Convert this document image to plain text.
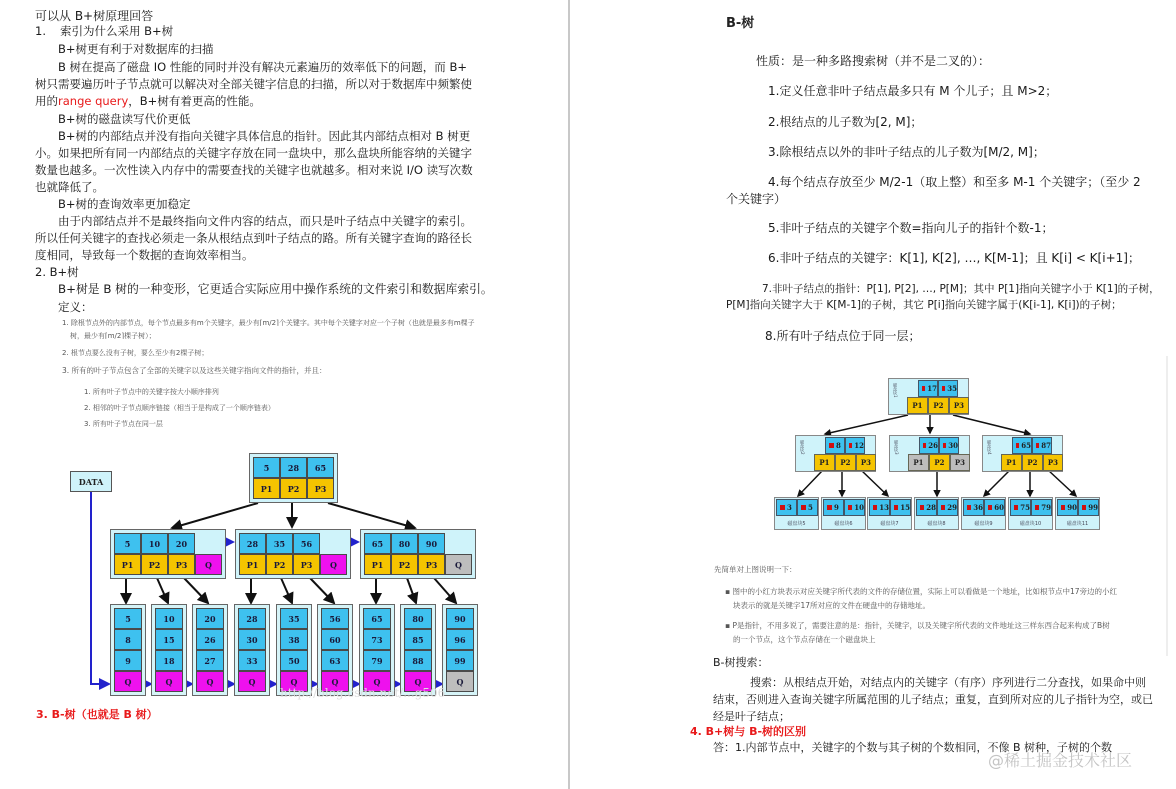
可以从 B+树原理回答
1. 索引为什么采用 B+树
B+树更有利于对数据库的扫描
B 树在提高了磁盘 IO 性能的同时并没有解决元素遍历的效率低下的问题，而 B+
树只需要遍历叶子节点就可以解决对全部关键字信息的扫描，所以对于数据库中频繁使
用的range query，B+树有着更高的性能。
B+树的磁盘读写代价更低
B+树的内部结点并没有指向关键字具体信息的指针。因此其内部结点相对 B 树更
小。如果把所有同一内部结点的关键字存放在同一盘块中，那么盘块所能容纳的关键字
数量也越多。一次性读入内存中的需要查找的关键字也就越多。相对来说 I/O 读写次数
也就降低了。
B+树的查询效率更加稳定
由于内部结点并不是最终指向文件内容的结点，而只是叶子结点中关键字的索引。
所以任何关键字的查找必须走一条从根结点到叶子结点的路。所有关键字查询的路径长
度相同，导致每一个数据的查询效率相当。
2. B+树
B+树是 B 树的一种变形，它更适合实际应用中操作系统的文件索引和数据库索引。
定义：
1. 除根节点外的内部节点，每个节点最多有m个关键字，最少有⌈m/2⌉个关键字。其中每个关键字对应一个子树（也就是最多有m棵子
树，最少有⌈m/2⌉棵子树）；
2. 根节点要么没有子树，要么至少有2棵子树；
3. 所有的叶子节点包含了全部的关键字以及这些关键字指向文件的指针，并且：
1. 所有叶子节点中的关键字按大小顺序排列
2. 相邻的叶子节点顺序链接（相当于是构成了一个顺序链表）
3. 所有叶子节点在同一层
DATA
5	28	65
P1	P2	P3
5	10	20
P1	P2	P3	Q
28	35	56
P1	P2	P3	Q
65	80	90
P1	P2	P3	Q
5
8
9
Q
10
15
18
Q
20
26
27
Q
28
30
33
Q
35
38
50
Q
56
60
63
Q
65
73
79
Q
80
85
88
Q
90
96
99
Q
http://blog.csdn.net/...g506
3. B-树（也就是 B 树）
B-树
性质：是一种多路搜索树（并不是二叉的）：
1.定义任意非叶子结点最多只有 M 个儿子；且 M>2；
2.根结点的儿子数为[2, M]；
3.除根结点以外的非叶子结点的儿子数为[M/2, M]；
4.每个结点存放至少 M/2-1（取上整）和至多 M-1 个关键字；（至少 2
个关键字）
5.非叶子结点的关键字个数=指向儿子的指针个数-1；
6.非叶子结点的关键字：K[1], K[2], …, K[M-1]；且 K[i] < K[i+1]；
7.非叶子结点的指针：P[1], P[2], …, P[M]；其中 P[1]指向关键字小于 K[1]的子树，
P[M]指向关键字大于 K[M-1]的子树，其它 P[i]指向关键字属于(K[i-1], K[i])的子树；
8.所有叶子结点位于同一层；
磁盘块1	17 35
P1	P2	P3
磁盘块2	8 12
P1	P2	P3
磁盘块3	26 30
P1	P2	P3
磁盘块4	65 87
P1	P2	P3
3 5
磁盘块5
9 10
磁盘块6
13 15
磁盘块7
28 29
磁盘块8
36 60
磁盘块9
75 79
磁盘块10
90 99
磁盘块11
先简单对上图说明一下：
▪ 图中的小红方块表示对应关键字所代表的文件的存储位置，实际上可以看做是一个地址，比如根节点中17旁边的小红
块表示的就是关键字17所对应的文件在硬盘中的存储地址。
▪ P是指针，不用多说了，需要注意的是：指针，关键字，以及关键字所代表的文件地址这三样东西合起来构成了B树
的一个节点，这个节点存储在一个磁盘块上
B-树搜索：
搜索：从根结点开始，对结点内的关键字（有序）序列进行二分查找，如果命中则
结束，否则进入查询关键字所属范围的儿子结点；重复，直到所对应的儿子指针为空，或已
经是叶子结点；
4. B+树与 B-树的区别
答：1.内部节点中，关键字的个数与其子树的个数相同，不像 B 树种，子树的个数
@稀土掘金技术社区
